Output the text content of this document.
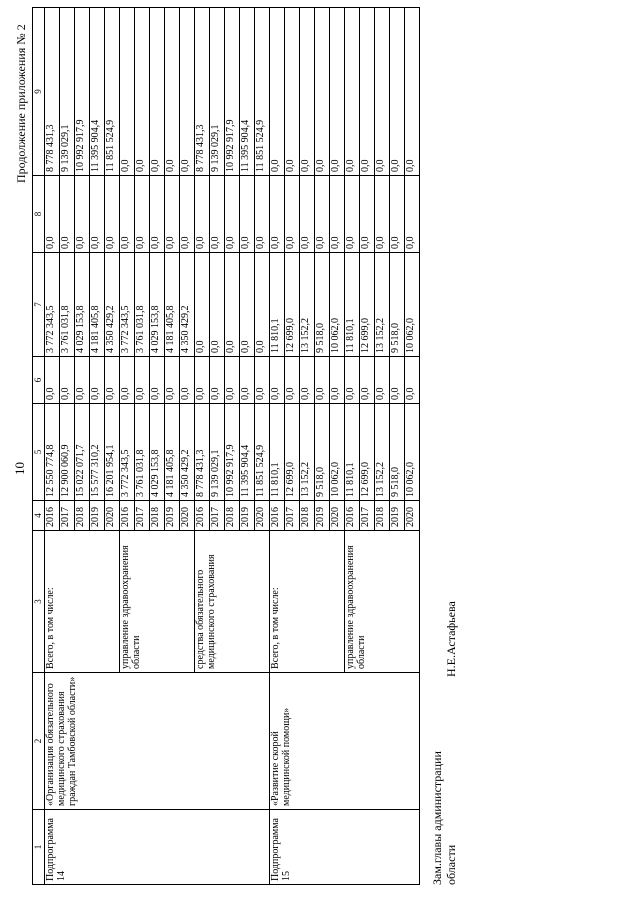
10
Продолжение приложения № 2
1	2	3	4	5	6	7	8	9
Подпрограмма 14	«Организация обязательного медицинского страхования граждан Тамбовской области»	Всего, в том числе:	2016	12 550 774,8	0,0	3 772 343,5	0,0	8 778 431,3
			2017	12 900 060,9	0,0	3 761 031,8	0,0	9 139 029,1
			2018	15 022 071,7	0,0	4 029 153,8	0,0	10 992 917,9
			2019	15 577 310,2	0,0	4 181 405,8	0,0	11 395 904,4
			2020	16 201 954,1	0,0	4 350 429,2	0,0	11 851 524,9
		управление здравоохранения области	2016	3 772 343,5	0,0	3 772 343,5	0,0	0,0
			2017	3 761 031,8	0,0	3 761 031,8	0,0	0,0
			2018	4 029 153,8	0,0	4 029 153,8	0,0	0,0
			2019	4 181 405,8	0,0	4 181 405,8	0,0	0,0
			2020	4 350 429,2	0,0	4 350 429,2	0,0	0,0
		средства обязательного медицинского страхования	2016	8 778 431,3	0,0	0,0	0,0	8 778 431,3
			2017	9 139 029,1	0,0	0,0	0,0	9 139 029,1
			2018	10 992 917,9	0,0	0,0	0,0	10 992 917,9
			2019	11 395 904,4	0,0	0,0	0,0	11 395 904,4
			2020	11 851 524,9	0,0	0,0	0,0	11 851 524,9
Подпрограмма 15	«Развитие скорой медицинской помощи»	Всего, в том числе:	2016	11 810,1	0,0	11 810,1	0,0	0,0
			2017	12 699,0	0,0	12 699,0	0,0	0,0
			2018	13 152,2	0,0	13 152,2	0,0	0,0
			2019	9 518,0	0,0	9 518,0	0,0	0,0
			2020	10 062,0	0,0	10 062,0	0,0	0,0
		управление здравоохранения области	2016	11 810,1	0,0	11 810,1	0,0	0,0
			2017	12 699,0	0,0	12 699,0	0,0	0,0
			2018	13 152,2	0,0	13 152,2	0,0	0,0
			2019	9 518,0	0,0	9 518,0	0,0	0,0
			2020	10 062,0	0,0	10 062,0	0,0	0,0
Зам.главы администрации области
Н.Е.Астафьева
